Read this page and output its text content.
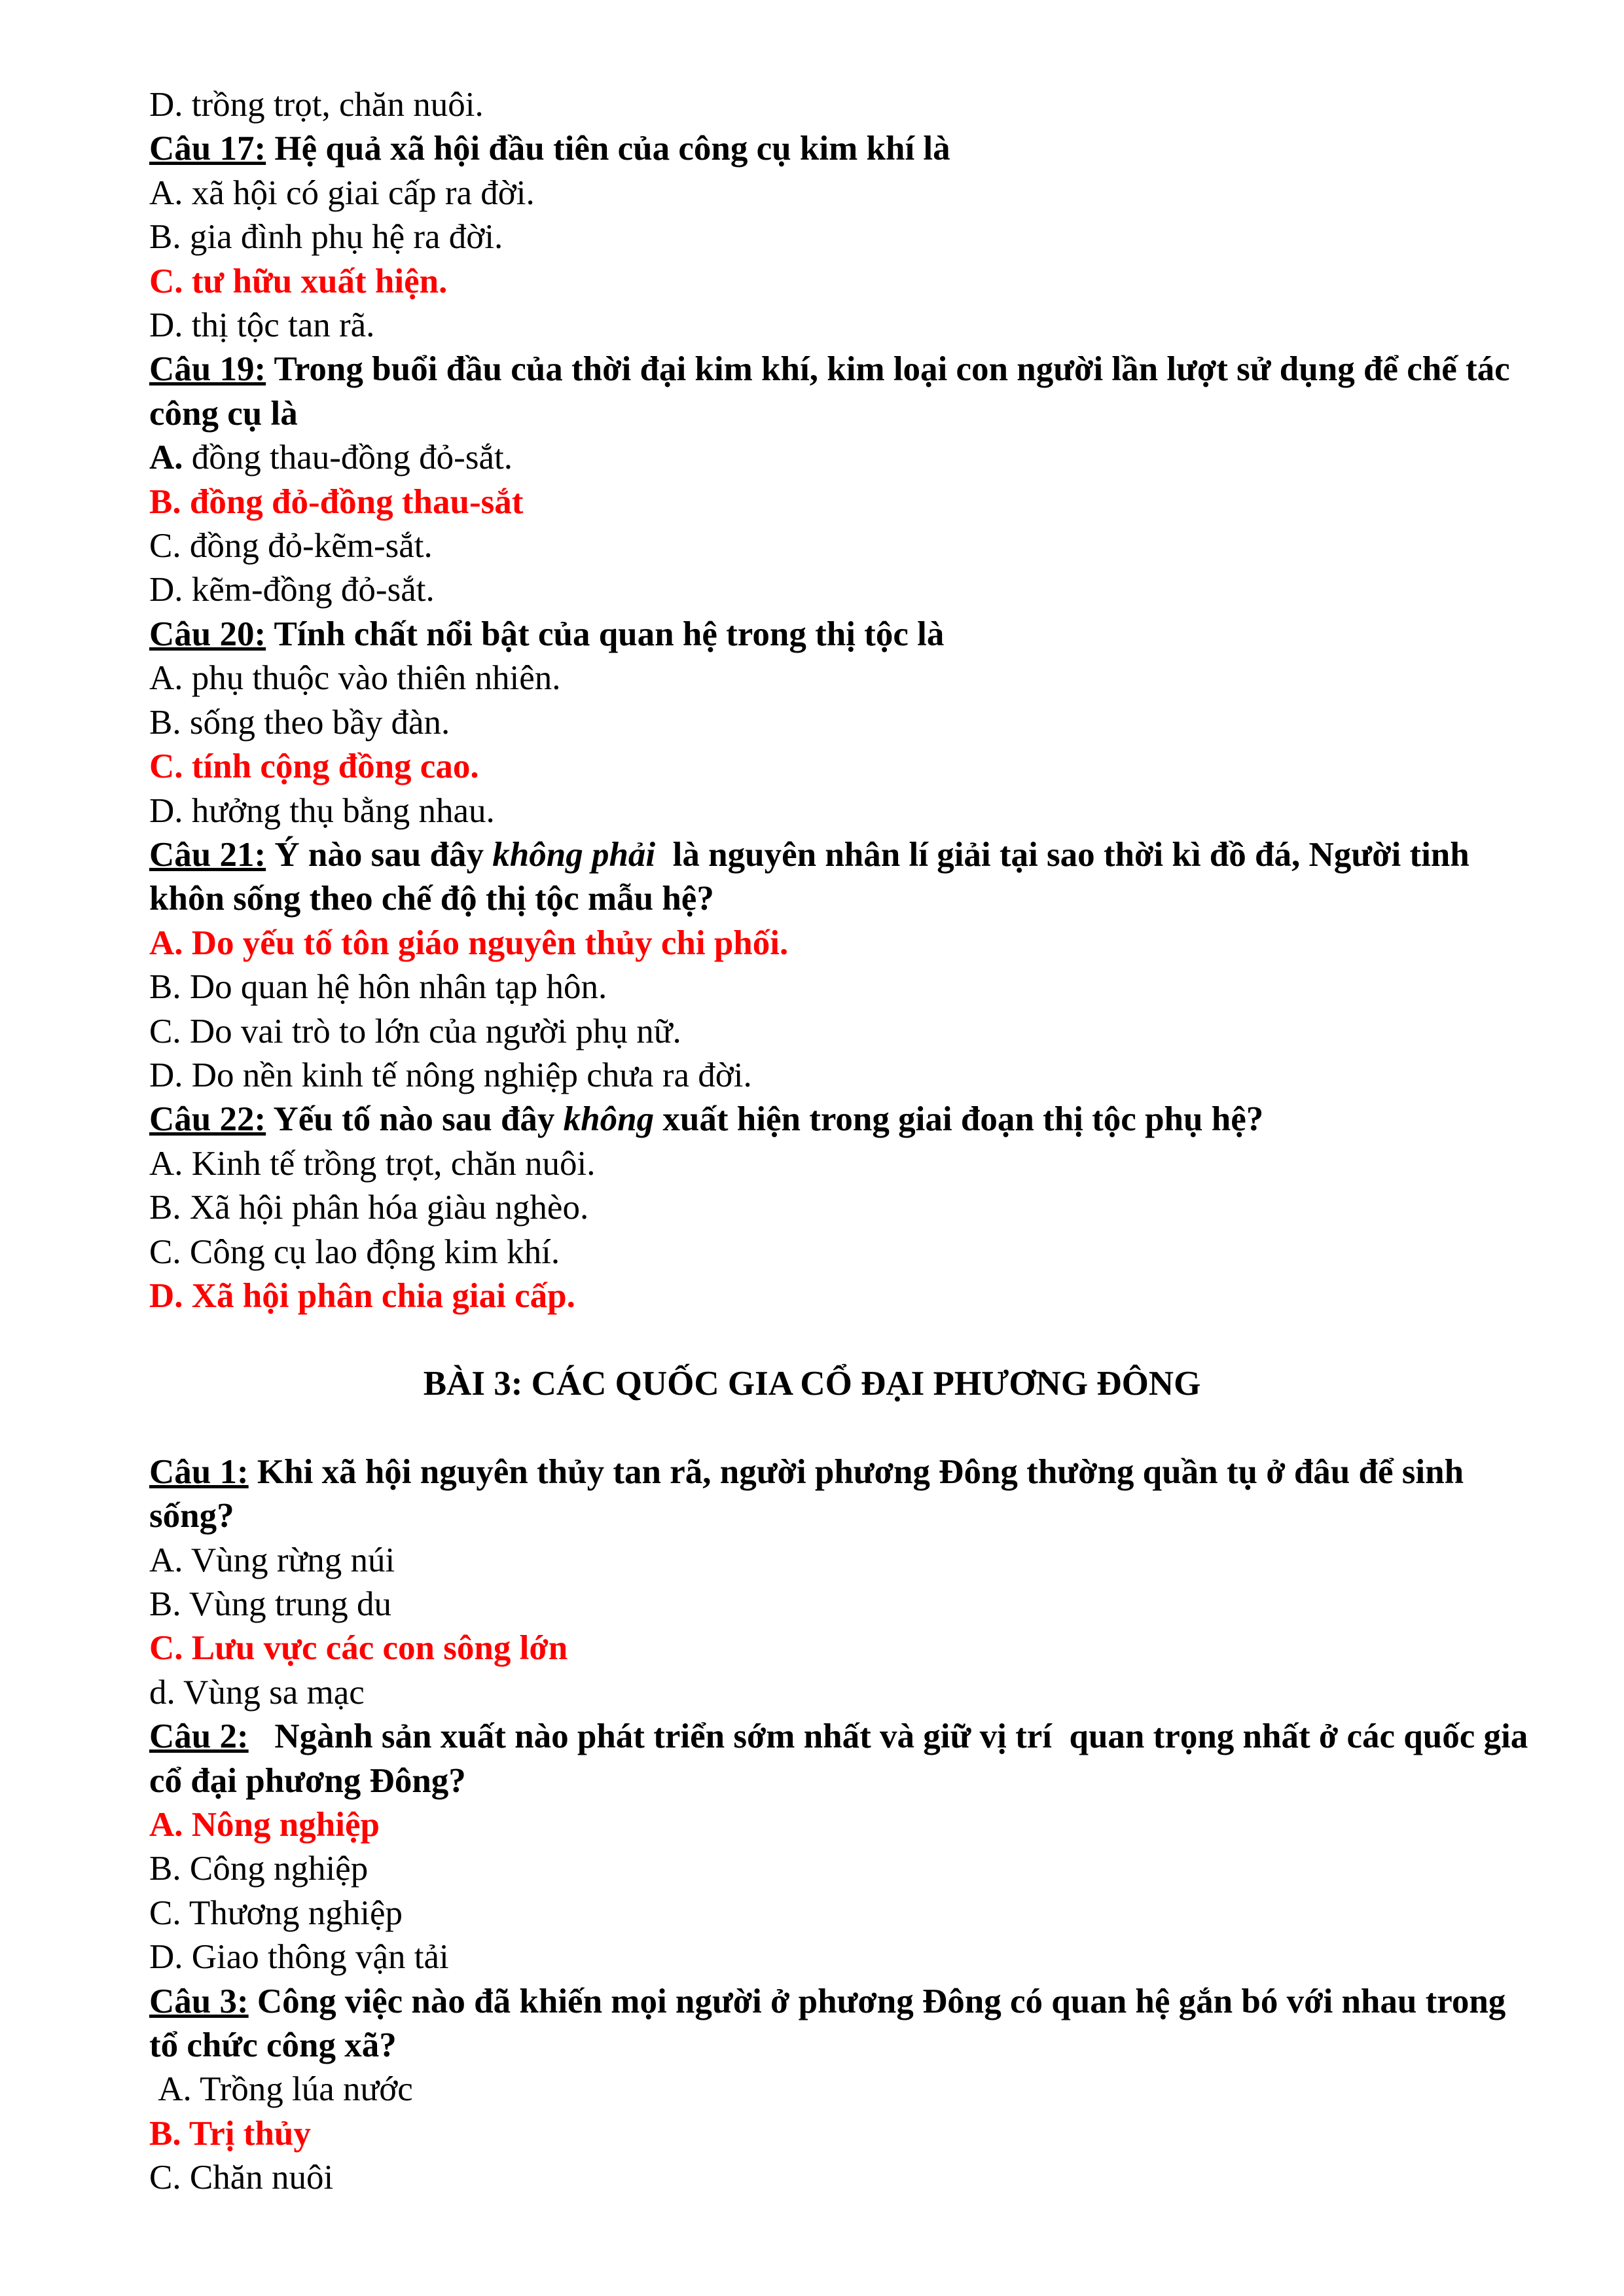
D. trồng trọt, chăn nuôi.

Câu 17: Hệ quả xã hội đầu tiên của công cụ kim khí là

A. xã hội có giai cấp ra đời.

B. gia đình phụ hệ ra đời.

C. tư hữu xuất hiện.

D. thị tộc tan rã.

Câu 19: Trong buổi đầu của thời đại kim khí, kim loại con người lần lượt sử dụng để chế tác công cụ là

A. đồng thau-đồng đỏ-sắt.

B. đồng đỏ-đồng thau-sắt

C. đồng đỏ-kẽm-sắt.

D. kẽm-đồng đỏ-sắt.

Câu 20: Tính chất nổi bật của quan hệ trong thị tộc là

A. phụ thuộc vào thiên nhiên.

B. sống theo bầy đàn.

C. tính cộng đồng cao.

D. hưởng thụ bằng nhau.

Câu 21: Ý nào sau đây không phải  là nguyên nhân lí giải tại sao thời kì đồ đá, Người tinh khôn sống theo chế độ thị tộc mẫu hệ?

A. Do yếu tố tôn giáo nguyên thủy chi phối.

B. Do quan hệ hôn nhân tạp hôn.

C. Do vai trò to lớn của người phụ nữ.

D. Do nền kinh tế nông nghiệp chưa ra đời.

Câu 22: Yếu tố nào sau đây không xuất hiện trong giai đoạn thị tộc phụ hệ?

A. Kinh tế trồng trọt, chăn nuôi.

B. Xã hội phân hóa giàu nghèo.

C. Công cụ lao động kim khí.

D. Xã hội phân chia giai cấp.

BÀI 3: CÁC QUỐC GIA CỔ ĐẠI PHƯƠNG ĐÔNG

Câu 1: Khi xã hội nguyên thủy tan rã, người phương Đông thường quần tụ ở đâu để sinh sống?

A. Vùng rừng núi

B. Vùng trung du

C. Lưu vực các con sông lớn

d. Vùng sa mạc

Câu 2:   Ngành sản xuất nào phát triển sớm nhất và giữ vị trí  quan trọng nhất ở các quốc gia cổ đại phương Đông?

A. Nông nghiệp

B. Công nghiệp

C. Thương nghiệp

D. Giao thông vận tải

Câu 3: Công việc nào đã khiến mọi người ở phương Đông có quan hệ gắn bó với nhau trong tổ chức công xã?

A. Trồng lúa nước

B. Trị thủy

C. Chăn nuôi
